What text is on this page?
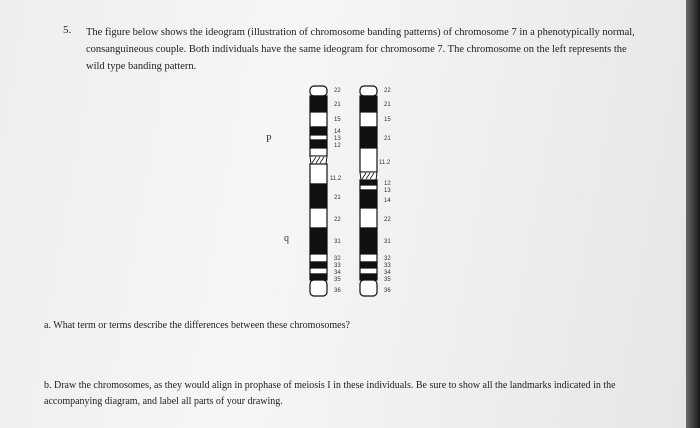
5. The figure below shows the ideogram (illustration of chromosome banding patterns) of chromosome 7 in a phenotypically normal, consanguineous couple. Both individuals have the same ideogram for chromosome 7. The chromosome on the left represents the wild type banding pattern.

P
q
22
21
15
14
13
12
11.2
21
22
31
32
33
34
35
36
22
21
15
21
11.2
12
13
14
22
31
32
33
34
35
36

a. What term or terms describe the differences between these chromosomes?

b. Draw the chromosomes, as they would align in prophase of meiosis I in these individuals. Be sure to show all the landmarks indicated in the accompanying diagram, and label all parts of your drawing.
